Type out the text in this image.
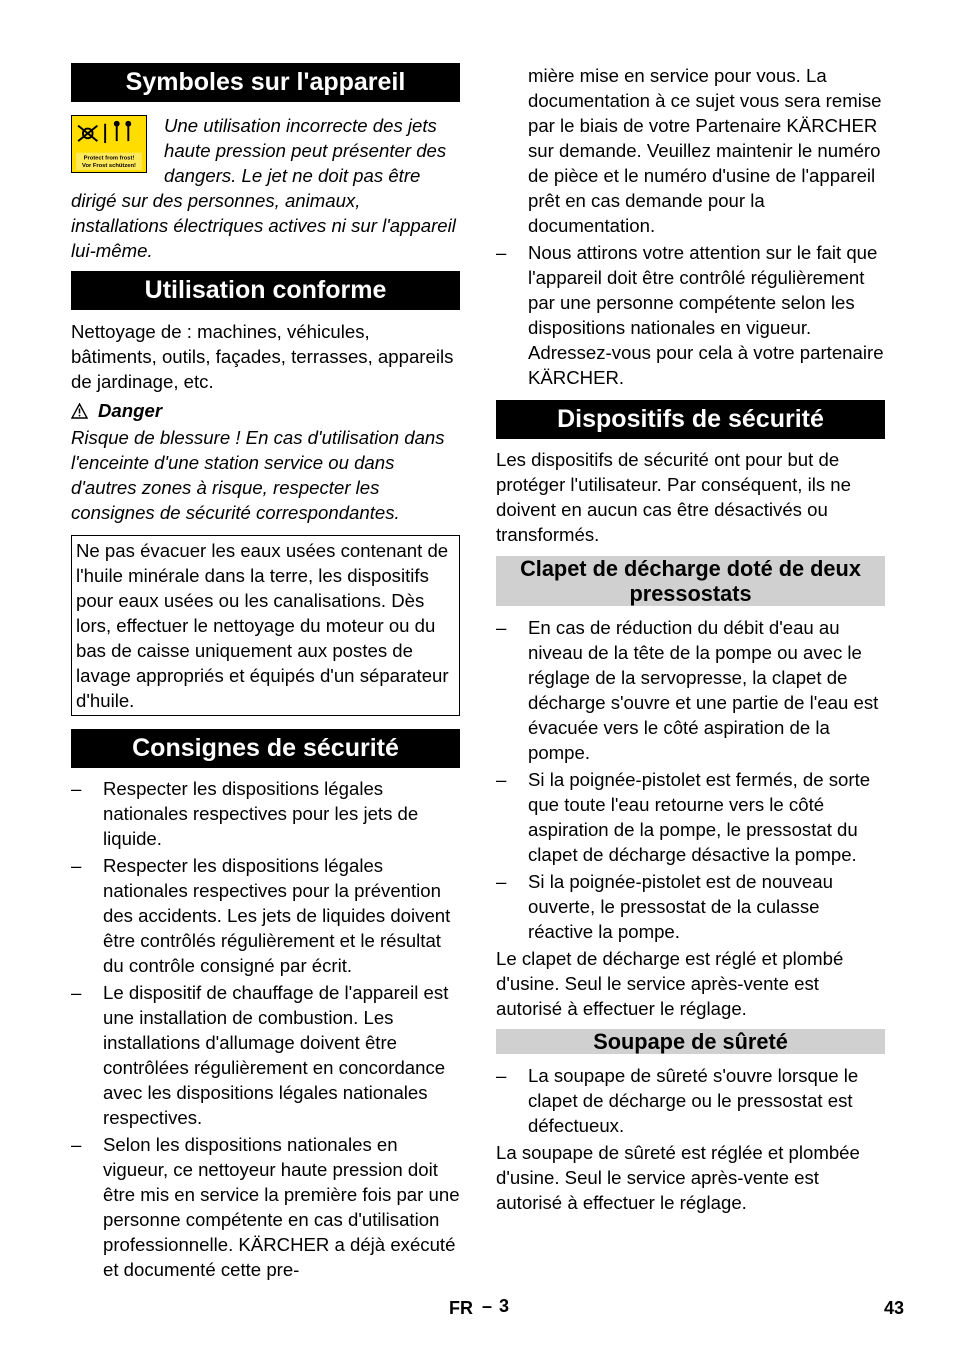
Symboles sur l'appareil
Protect from frost!
Vor Frost schützen!

Une utilisation incorrecte des jets haute pression peut présenter des dangers. Le jet ne doit pas être dirigé sur des personnes, animaux, installations électriques actives ni sur l'appareil lui-même.

Utilisation conforme

Nettoyage de : machines, véhicules, bâtiments, outils, façades, terrasses, appareils de jardinage, etc.

Danger

Risque de blessure ! En cas d'utilisation dans l'enceinte d'une station service ou dans d'autres zones à risque, respecter les consignes de sécurité correspondantes.

Ne pas évacuer les eaux usées contenant de l'huile minérale dans la terre, les dispositifs pour eaux usées ou les canalisations. Dès lors, effectuer le nettoyage du moteur ou du bas de caisse uniquement aux postes de lavage appropriés et équipés d'un séparateur d'huile.

Consignes de sécurité
– Respecter les dispositions légales nationales respectives pour les jets de liquide.
– Respecter les dispositions légales nationales respectives pour la prévention des accidents. Les jets de liquides doivent être contrôlés régulièrement et le résultat du contrôle consigné par écrit.
– Le dispositif de chauffage de l'appareil est une installation de combustion. Les installations d'allumage doivent être contrôlées régulièrement en concordance avec les dispositions légales nationales respectives.
– Selon les dispositions nationales en vigueur, ce nettoyeur haute pression doit être mis en service la première fois par une personne compétente en cas d'utilisation professionnelle. KÄRCHER a déjà exécuté et documenté cette pre-

mière mise en service pour vous. La documentation à ce sujet vous sera remise par le biais de votre Partenaire KÄRCHER sur demande. Veuillez maintenir le numéro de pièce et le numéro d'usine de l'appareil prêt en cas demande pour la documentation.

– Nous attirons votre attention sur le fait que l'appareil doit être contrôlé régulièrement par une personne compétente selon les dispositions nationales en vigueur. Adressez-vous pour cela à votre partenaire KÄRCHER.
Dispositifs de sécurité

Les dispositifs de sécurité ont pour but de protéger l'utilisateur. Par conséquent, ils ne doivent en aucun cas être désactivés ou transformés.

Clapet de décharge doté de deux pressostats
– En cas de réduction du débit d'eau au niveau de la tête de la pompe ou avec le réglage de la servopresse, la clapet de décharge s'ouvre et une partie de l'eau est évacuée vers le côté aspiration de la pompe.
– Si la poignée-pistolet est fermés, de sorte que toute l'eau retourne vers le côté aspiration de la pompe, le pressostat du clapet de décharge désactive la pompe.
– Si la poignée-pistolet est de nouveau ouverte, le pressostat de la culasse réactive la pompe.

Le clapet de décharge est réglé et plombé d'usine. Seul le service après-vente est autorisé à effectuer le réglage.

Soupape de sûreté
– La soupape de sûreté s'ouvre lorsque le clapet de décharge ou le pressostat est défectueux.

La soupape de sûreté est réglée et plombée d'usine. Seul le service après-vente est autorisé à effectuer le réglage.

FR – 3	43
